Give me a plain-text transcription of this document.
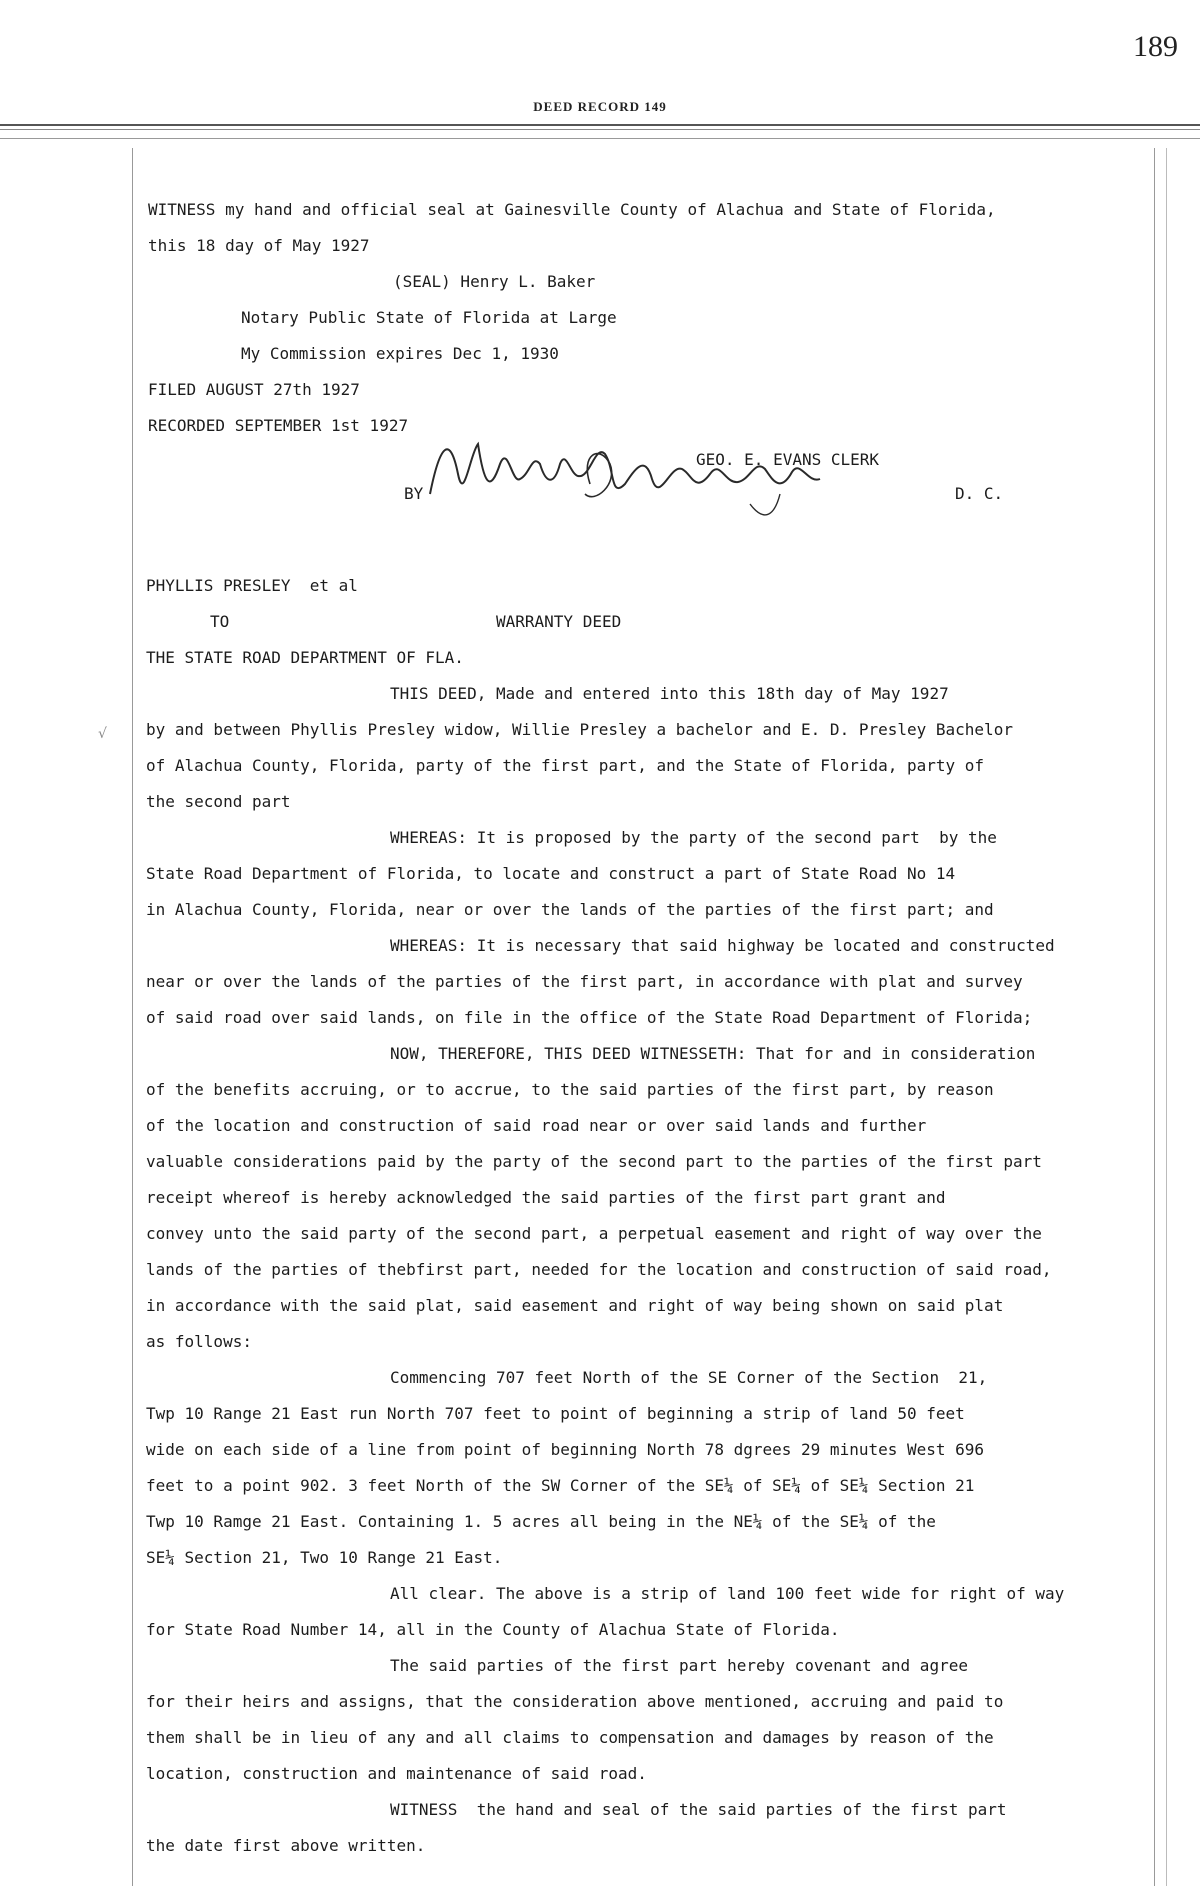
189
DEED RECORD 149
√
WITNESS my hand and official seal at Gainesville County of Alachua and State of Florida,
this 18 day of May 1927
(SEAL) Henry L. Baker
Notary Public State of Florida at Large
My Commission expires Dec 1, 1930
FILED AUGUST 27th 1927
RECORDED SEPTEMBER 1st 1927
GEO. E. EVANS CLERK
BY	D. C.
PHYLLIS PRESLEY  et al
TO	WARRANTY DEED
THE STATE ROAD DEPARTMENT OF FLA.
THIS DEED, Made and entered into this 18th day of May 1927
by and between Phyllis Presley widow, Willie Presley a bachelor and E. D. Presley Bachelor
of Alachua County, Florida, party of the first part, and the State of Florida, party of
the second part
WHEREAS: It is proposed by the party of the second part  by the
State Road Department of Florida, to locate and construct a part of State Road No 14
in Alachua County, Florida, near or over the lands of the parties of the first part; and
WHEREAS: It is necessary that said highway be located and constructed
near or over the lands of the parties of the first part, in accordance with plat and survey
of said road over said lands, on file in the office of the State Road Department of Florida;
NOW, THEREFORE, THIS DEED WITNESSETH: That for and in consideration
of the benefits accruing, or to accrue, to the said parties of the first part, by reason
of the location and construction of said road near or over said lands and further
valuable considerations paid by the party of the second part to the parties of the first part
receipt whereof is hereby acknowledged the said parties of the first part grant and
convey unto the said party of the second part, a perpetual easement and right of way over the
lands of the parties of thebfirst part, needed for the location and construction of said road,
in accordance with the said plat, said easement and right of way being shown on said plat
as follows:
Commencing 707 feet North of the SE Corner of the Section  21,
Twp 10 Range 21 East run North 707 feet to point of beginning a strip of land 50 feet
wide on each side of a line from point of beginning North 78 dgrees 29 minutes West 696
feet to a point 902. 3 feet North of the SW Corner of the SE¼ of SE¼ of SE¼ Section 21
Twp 10 Ramge 21 East. Containing 1. 5 acres all being in the NE¼ of the SE¼ of the
SE¼ Section 21, Two 10 Range 21 East.
All clear. The above is a strip of land 100 feet wide for right of way
for State Road Number 14, all in the County of Alachua State of Florida.
The said parties of the first part hereby covenant and agree
for their heirs and assigns, that the consideration above mentioned, accruing and paid to
them shall be in lieu of any and all claims to compensation and damages by reason of the
location, construction and maintenance of said road.
WITNESS  the hand and seal of the said parties of the first part
the date first above written.
